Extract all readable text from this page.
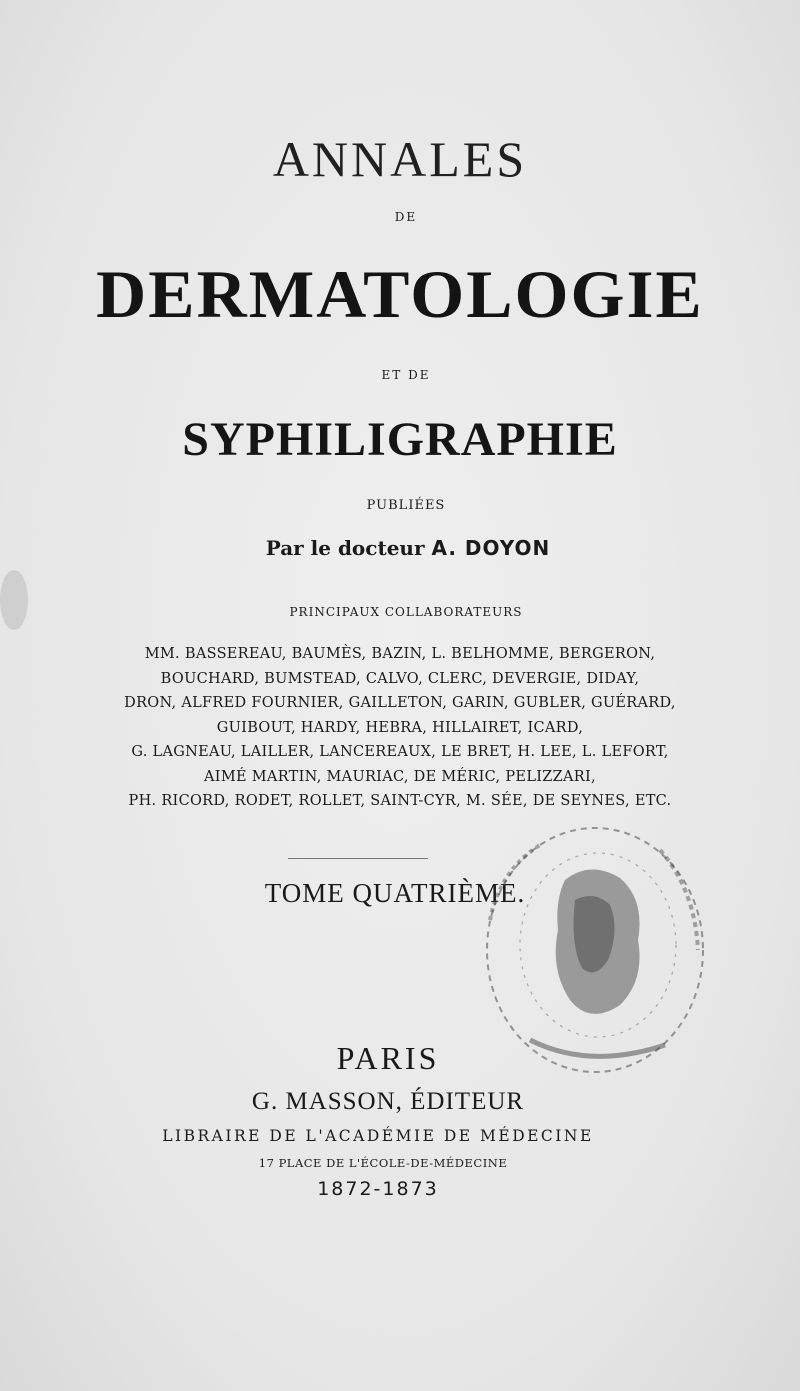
ANNALES
DE
DERMATOLOGIE
ET DE
SYPHILIGRAPHIE
PUBLIÉES
Par le docteur A. DOYON
PRINCIPAUX COLLABORATEURS
MM. BASSEREAU, BAUMÈS, BAZIN, L. BELHOMME, BERGERON,
BOUCHARD, BUMSTEAD, CALVO, CLERC, DEVERGIE, DIDAY,
DRON, ALFRED FOURNIER, GAILLETON, GARIN, GUBLER, GUÉRARD,
GUIBOUT, HARDY, HEBRA, HILLAIRET, ICARD,
G. LAGNEAU, LAILLER, LANCEREAUX, LE BRET, H. LEE, L. LEFORT,
AIMÉ MARTIN, MAURIAC, DE MÉRIC, PELIZZARI,
PH. RICORD, RODET, ROLLET, SAINT-CYR, M. SÉE, DE SEYNES, ETC.
TOME QUATRIÈME.
PARIS
G. MASSON, ÉDITEUR
LIBRAIRE DE L'ACADÉMIE DE MÉDECINE
17 PLACE DE L'ÉCOLE-DE-MÉDECINE
1872-1873
